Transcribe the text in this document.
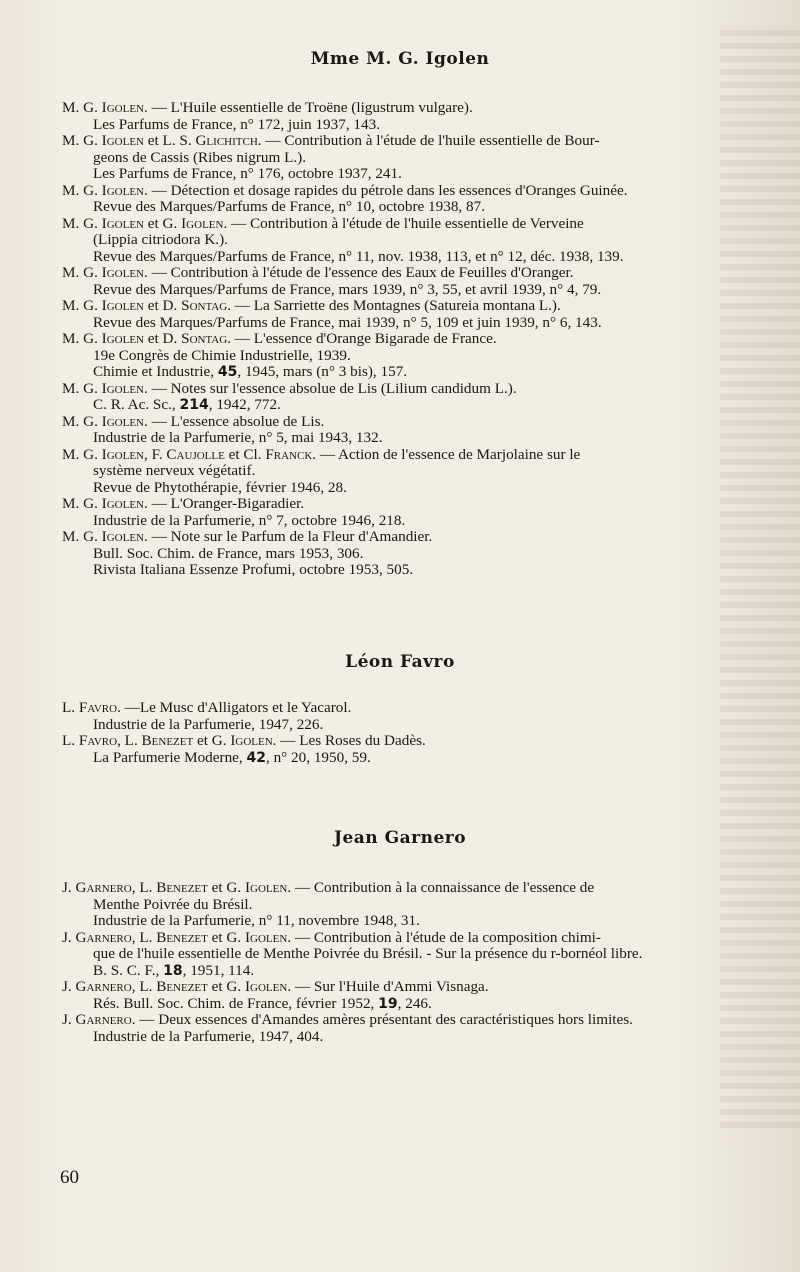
Mme M. G. Igolen
M. G. Igolen. — L'Huile essentielle de Troëne (ligustrum vulgare).
Les Parfums de France, n° 172, juin 1937, 143.
M. G. Igolen et L. S. Glichitch. — Contribution à l'étude de l'huile essentielle de Bour-
geons de Cassis (Ribes nigrum L.).
Les Parfums de France, n° 176, octobre 1937, 241.
M. G. Igolen. — Détection et dosage rapides du pétrole dans les essences d'Oranges Guinée.
Revue des Marques/Parfums de France, n° 10, octobre 1938, 87.
M. G. Igolen et G. Igolen. — Contribution à l'étude de l'huile essentielle de Verveine
(Lippia citriodora K.).
Revue des Marques/Parfums de France, n° 11, nov. 1938, 113, et n° 12, déc. 1938, 139.
M. G. Igolen. — Contribution à l'étude de l'essence des Eaux de Feuilles d'Oranger.
Revue des Marques/Parfums de France, mars 1939, n° 3, 55, et avril 1939, n° 4, 79.
M. G. Igolen et D. Sontag. — La Sarriette des Montagnes (Satureia montana L.).
Revue des Marques/Parfums de France, mai 1939, n° 5, 109 et juin 1939, n° 6, 143.
M. G. Igolen et D. Sontag. — L'essence d'Orange Bigarade de France.
19e Congrès de Chimie Industrielle, 1939.
Chimie et Industrie, 45, 1945, mars (n° 3 bis), 157.
M. G. Igolen. — Notes sur l'essence absolue de Lis (Lilium candidum L.).
C. R. Ac. Sc., 214, 1942, 772.
M. G. Igolen. — L'essence absolue de Lis.
Industrie de la Parfumerie, n° 5, mai 1943, 132.
M. G. Igolen, F. Caujolle et Cl. Franck. — Action de l'essence de Marjolaine sur le
système nerveux végétatif.
Revue de Phytothérapie, février 1946, 28.
M. G. Igolen. — L'Oranger-Bigaradier.
Industrie de la Parfumerie, n° 7, octobre 1946, 218.
M. G. Igolen. — Note sur le Parfum de la Fleur d'Amandier.
Bull. Soc. Chim. de France, mars 1953, 306.
Rivista Italiana Essenze Profumi, octobre 1953, 505.
Léon Favro
L. Favro. —Le Musc d'Alligators et le Yacarol.
Industrie de la Parfumerie, 1947, 226.
L. Favro, L. Benezet et G. Igolen. — Les Roses du Dadès.
La Parfumerie Moderne, 42, n° 20, 1950, 59.
Jean Garnero
J. Garnero, L. Benezet et G. Igolen. — Contribution à la connaissance de l'essence de
Menthe Poivrée du Brésil.
Industrie de la Parfumerie, n° 11, novembre 1948, 31.
J. Garnero, L. Benezet et G. Igolen. — Contribution à l'étude de la composition chimi-
que de l'huile essentielle de Menthe Poivrée du Brésil. - Sur la présence du r-bornéol libre.
B. S. C. F., 18, 1951, 114.
J. Garnero, L. Benezet et G. Igolen. — Sur l'Huile d'Ammi Visnaga.
Rés. Bull. Soc. Chim. de France, février 1952, 19, 246.
J. Garnero. — Deux essences d'Amandes amères présentant des caractéristiques hors limites.
Industrie de la Parfumerie, 1947, 404.
60
